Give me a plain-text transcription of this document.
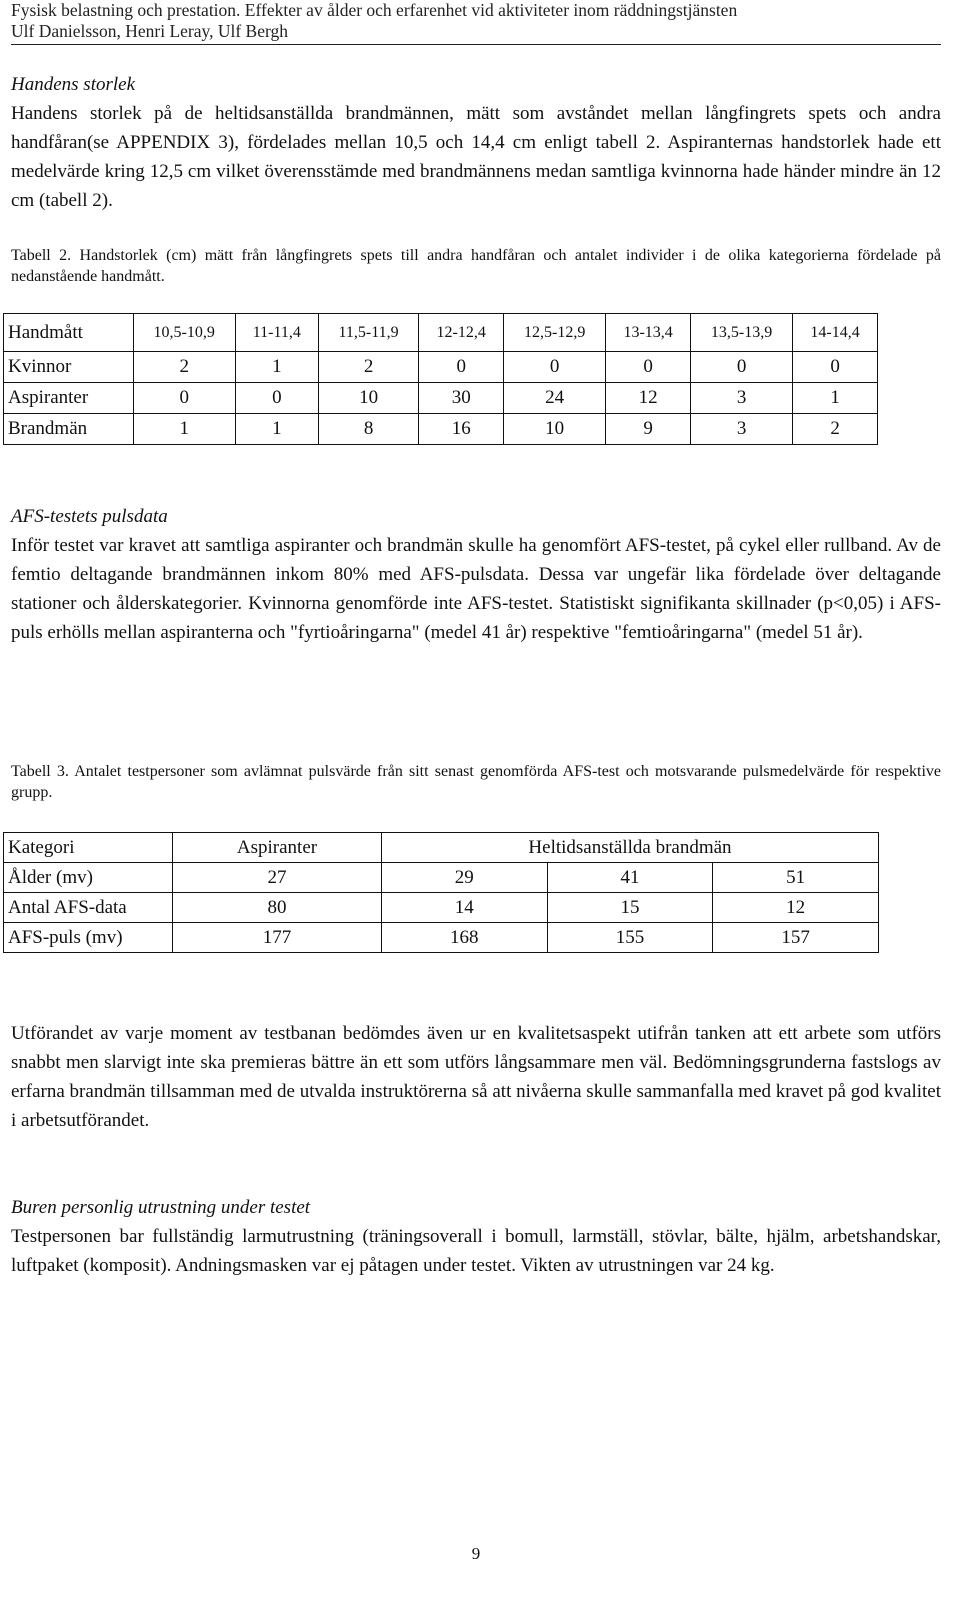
Fysisk belastning och prestation. Effekter av ålder och erfarenhet vid aktiviteter inom räddningstjänsten
Ulf Danielsson, Henri Leray, Ulf Bergh
Handens storlek
Handens storlek på de heltidsanställda brandmännen, mätt som avståndet mellan långfingrets spets och andra handfåran(se APPENDIX 3), fördelades mellan 10,5 och 14,4 cm enligt tabell 2. Aspiranternas handstorlek hade ett medelvärde kring 12,5 cm vilket överensstämde med brandmännens medan samtliga kvinnorna hade händer mindre än 12 cm (tabell 2).
Tabell 2. Handstorlek (cm) mätt från långfingrets spets till andra handfåran och antalet individer i de olika kategorierna fördelade på nedanstående handmått.
Handmått	10,5-10,9	11-11,4	11,5-11,9	12-12,4	12,5-12,9	13-13,4	13,5-13,9	14-14,4
Kvinnor	2	1	2	0	0	0	0	0
Aspiranter	0	0	10	30	24	12	3	1
Brandmän	1	1	8	16	10	9	3	2
AFS-testets pulsdata
Inför testet var kravet att samtliga aspiranter och brandmän skulle ha genomfört AFS-testet, på cykel eller rullband. Av de femtio deltagande brandmännen inkom 80% med AFS-pulsdata. Dessa var ungefär lika fördelade över deltagande stationer och ålderskategorier. Kvinnorna genomförde inte AFS-testet. Statistiskt signifikanta skillnader (p<0,05) i AFS-puls erhölls mellan aspiranterna och "fyrtioåringarna" (medel 41 år) respektive "femtioåringarna" (medel 51 år).
Tabell 3. Antalet testpersoner som avlämnat pulsvärde från sitt senast genomförda AFS-test och motsvarande pulsmedelvärde för respektive grupp.
Kategori	Aspiranter	Heltidsanställda brandmän		
Ålder (mv)	27	29	41	51
Antal AFS-data	80	14	15	12
AFS-puls (mv)	177	168	155	157
Utförandet av varje moment av testbanan bedömdes även ur en kvalitetsaspekt utifrån tanken att ett arbete som utförs snabbt men slarvigt inte ska premieras bättre än ett som utförs långsammare men väl. Bedömningsgrunderna fastslogs av erfarna brandmän tillsamman med de utvalda instruktörerna så att nivåerna skulle sammanfalla med kravet på god kvalitet i arbetsutförandet.
Buren personlig utrustning under testet
Testpersonen bar fullständig larmutrustning (träningsoverall i bomull, larmställ, stövlar, bälte, hjälm, arbetshandskar, luftpaket (komposit). Andningsmasken var ej påtagen under testet. Vikten av utrustningen var 24 kg.
9
